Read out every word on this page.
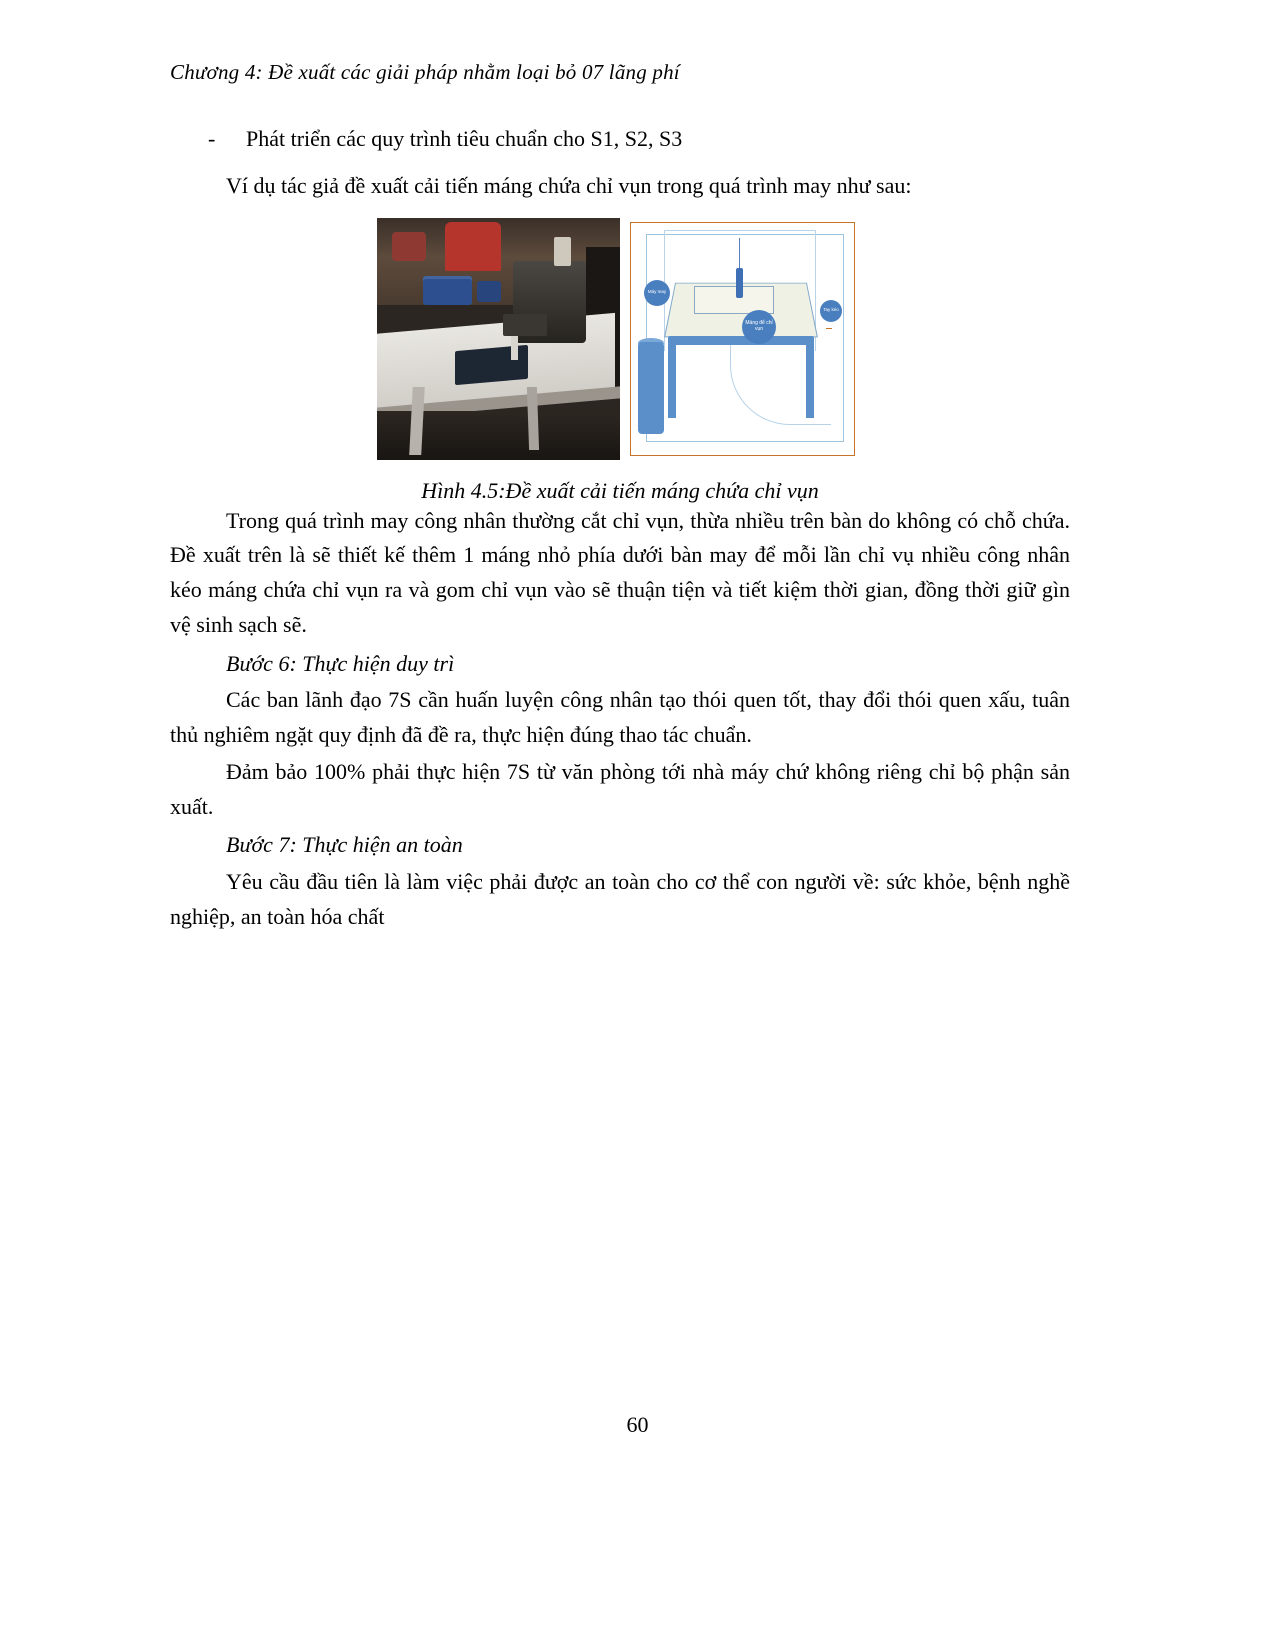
Chương 4: Đề xuất các giải pháp nhằm loại bỏ 07 lãng phí
-	Phát triển các quy trình tiêu chuẩn cho S1, S2, S3

Ví dụ tác giả đề xuất cải tiến máng chứa chỉ vụn trong quá trình may như sau:

Máy may
Máng để chỉ vụn
Tay kéo
Hình 4.5:Đề xuất cải tiến máng chứa chỉ vụn

Trong quá trình may công nhân thường cắt chỉ vụn, thừa nhiều trên bàn do không có chỗ chứa. Đề xuất trên là sẽ thiết kế thêm 1 máng nhỏ phía dưới bàn may để mỗi lần chỉ vụ nhiều công nhân kéo máng chứa chỉ vụn ra và gom chỉ vụn vào sẽ thuận tiện và tiết kiệm thời gian, đồng thời giữ gìn vệ sinh sạch sẽ.

Bước 6: Thực hiện duy trì

Các ban lãnh đạo 7S cần huấn luyện công nhân tạo thói quen tốt, thay đổi thói quen xấu, tuân thủ nghiêm ngặt quy định đã đề ra, thực hiện đúng thao tác chuẩn.

Đảm bảo 100% phải thực hiện 7S từ văn phòng tới nhà máy chứ không riêng chỉ bộ phận sản xuất.

Bước 7: Thực hiện an toàn

Yêu cầu đầu tiên là làm việc phải được an toàn cho cơ thể con người về: sức khỏe, bệnh nghề nghiệp, an toàn hóa chất

60
